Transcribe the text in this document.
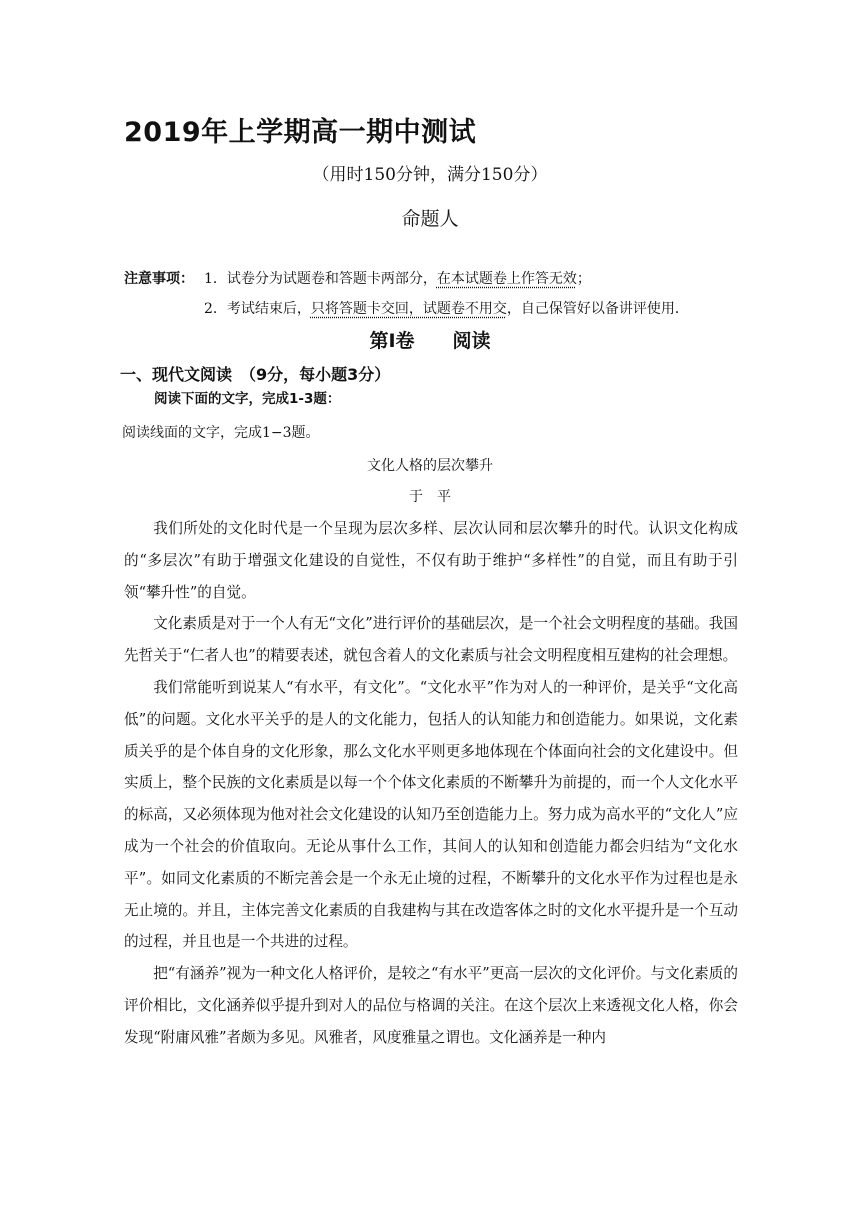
2019年上学期高一期中测试
（用时150分钟，满分150分）
命题人
注意事项： 1．试卷分为试题卷和答题卡两部分，在本试题卷上作答无效；
2．考试结束后，只将答题卡交回，试题卷不用交，自己保管好以备讲评使用．
第Ⅰ卷　　阅读
一、现代文阅读　（9分，每小题3分）
阅读下面的文字，完成1-3题：
阅读线面的文字，完成1−3题。
文化人格的层次攀升
于　平

我们所处的文化时代是一个呈现为层次多样、层次认同和层次攀升的时代。认识文化构成的“多层次”有助于增强文化建设的自觉性，不仅有助于维护“多样性”的自觉，而且有助于引领“攀升性”的自觉。

文化素质是对于一个人有无“文化”进行评价的基础层次，是一个社会文明程度的基础。我国先哲关于“仁者人也”的精要表述，就包含着人的文化素质与社会文明程度相互建构的社会理想。

我们常能听到说某人“有水平，有文化”。“文化水平”作为对人的一种评价，是关乎“文化高低”的问题。文化水平关乎的是人的文化能力，包括人的认知能力和创造能力。如果说，文化素质关乎的是个体自身的文化形象，那么文化水平则更多地体现在个体面向社会的文化建设中。但实质上，整个民族的文化素质是以每一个个体文化素质的不断攀升为前提的，而一个人文化水平的标高，又必须体现为他对社会文化建设的认知乃至创造能力上。努力成为高水平的“文化人”应成为一个社会的价值取向。无论从事什么工作，其间人的认知和创造能力都会归结为“文化水平”。如同文化素质的不断完善会是一个永无止境的过程，不断攀升的文化水平作为过程也是永无止境的。并且，主体完善文化素质的自我建构与其在改造客体之时的文化水平提升是一个互动的过程，并且也是一个共进的过程。

把“有涵养”视为一种文化人格评价，是较之“有水平”更高一层次的文化评价。与文化素质的评价相比，文化涵养似乎提升到对人的品位与格调的关注。在这个层次上来透视文化人格，你会发现“附庸风雅”者颇为多见。风雅者，风度雅量之谓也。文化涵养是一种内
